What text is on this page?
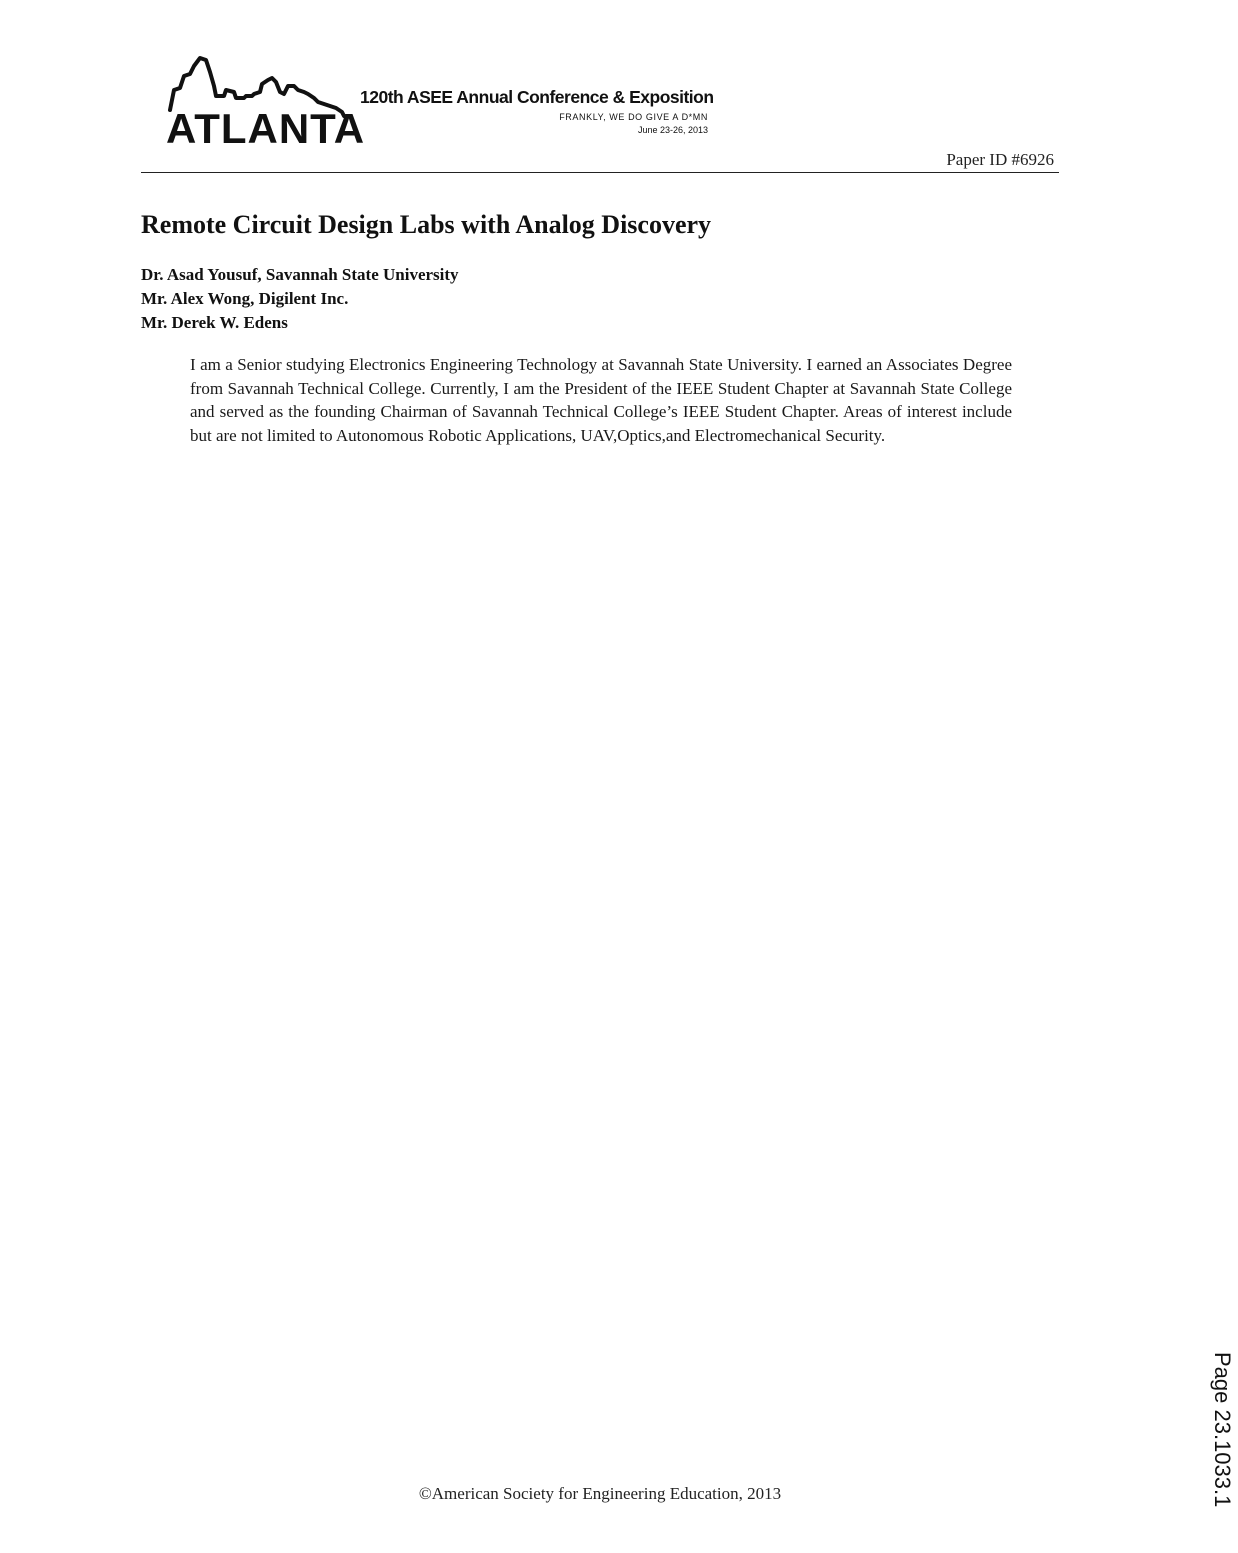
ATLANTA
120th ASEE Annual Conference & Exposition
FRANKLY, WE DO GIVE A D*MN
June 23-26, 2013
Paper ID #6926
Remote Circuit Design Labs with Analog Discovery
Dr. Asad Yousuf, Savannah State University
Mr. Alex Wong, Digilent Inc.
Mr. Derek W. Edens

I am a Senior studying Electronics Engineering Technology at Savannah State University. I earned an Associates Degree from Savannah Technical College. Currently, I am the President of the IEEE Student Chapter at Savannah State College and served as the founding Chairman of Savannah Technical College’s IEEE Student Chapter. Areas of interest include but are not limited to Autonomous Robotic Applications, UAV,Optics,and Electromechanical Security.

©American Society for Engineering Education, 2013	Page 23.1033.1
